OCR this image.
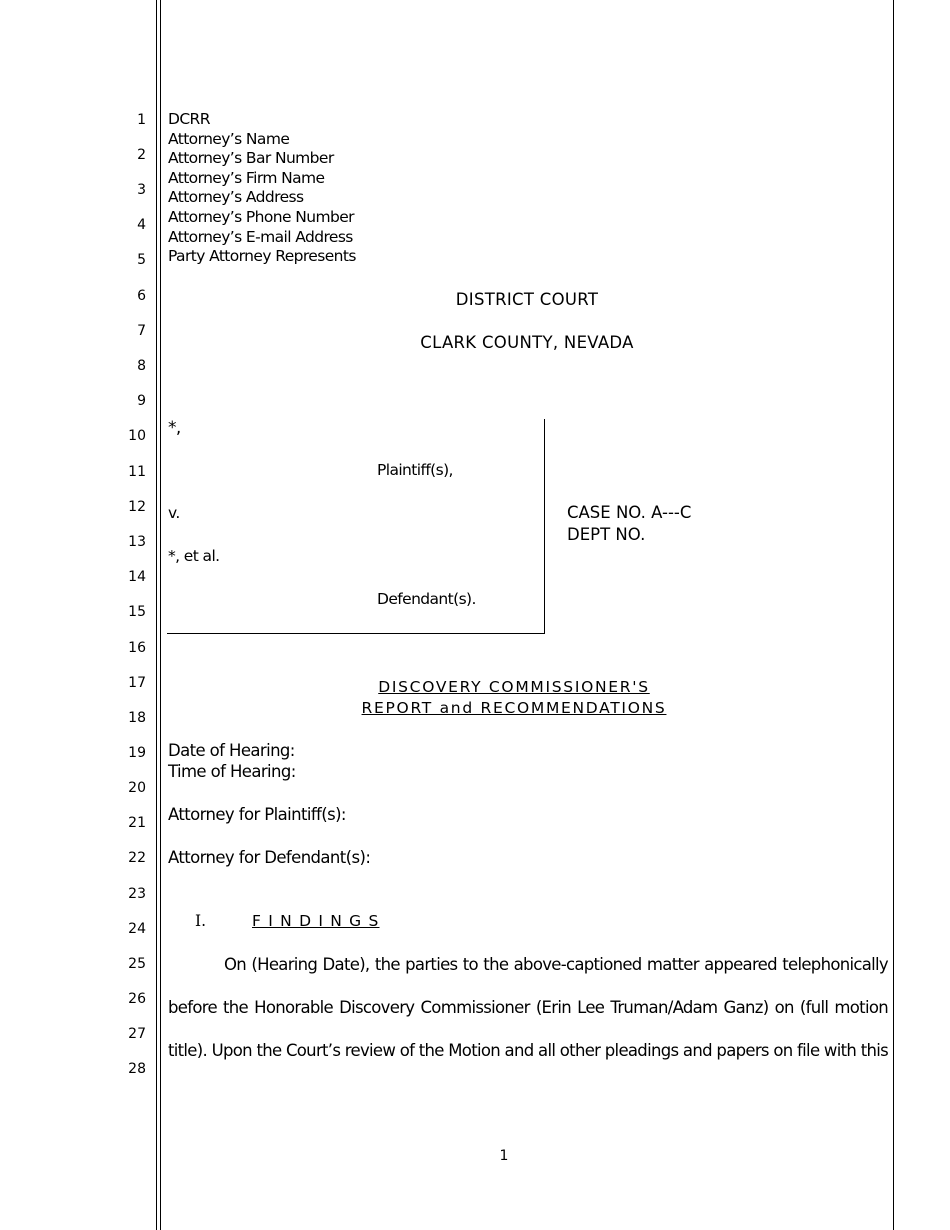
1
2
3
4
5
6
7
8
9
10
11
12
13
14
15
16
17
18
19
20
21
22
23
24
25
26
27
28
DCRR
Attorney’s Name
Attorney’s Bar Number
Attorney’s Firm Name
Attorney’s Address
Attorney’s Phone Number
Attorney’s E-mail Address
Party Attorney Represents
DISTRICT COURT
CLARK COUNTY, NEVADA
*,
Plaintiff(s),
v.
*, et al.
Defendant(s).
CASE NO. A---C
DEPT NO.
DISCOVERY COMMISSIONER'S
REPORT and RECOMMENDATIONS
Date of Hearing:
Time of Hearing:
Attorney for Plaintiff(s):
Attorney for Defendant(s):
I.	F I N D I N G S
On (Hearing Date), the parties to the above-captioned matter appeared telephonically
before the Honorable Discovery Commissioner (Erin Lee Truman/Adam Ganz) on (full motion
title). Upon the Court’s review of the Motion and all other pleadings and papers on file with this
1
